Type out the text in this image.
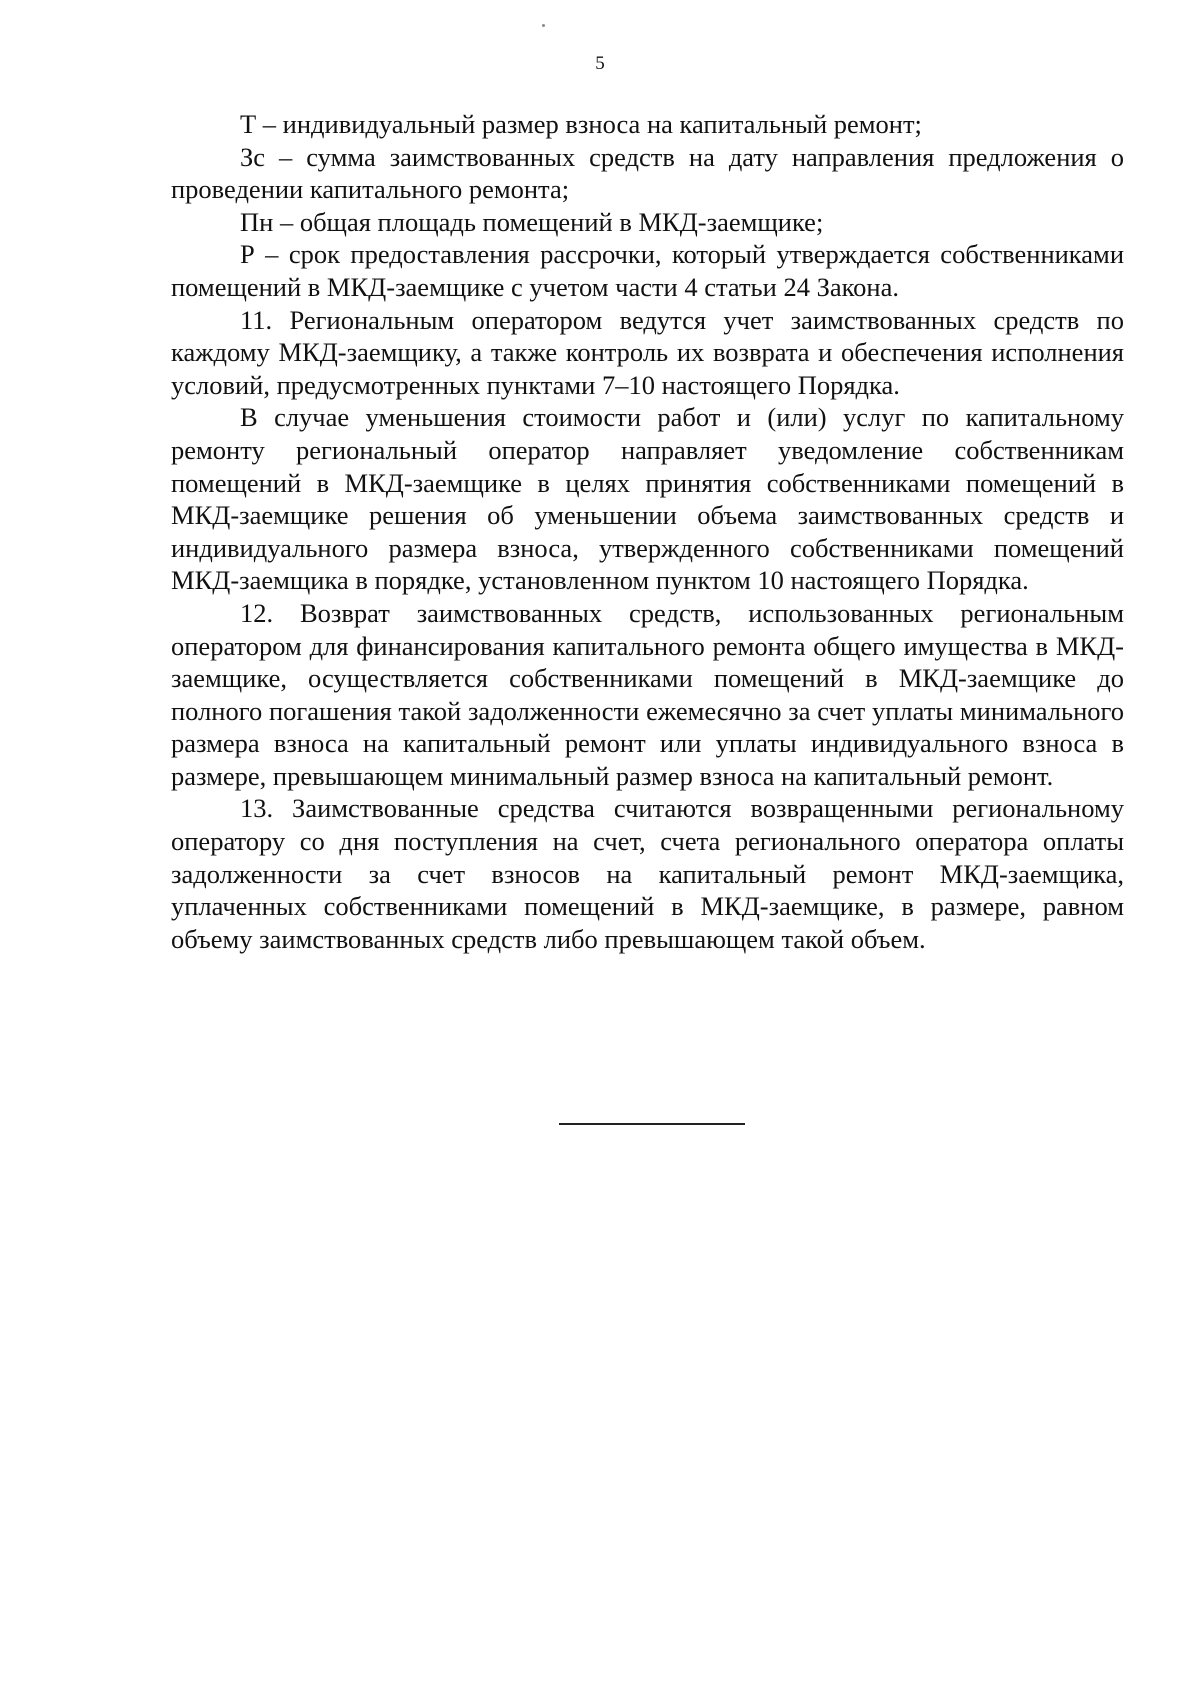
5

Т – индивидуальный размер взноса на капитальный ремонт;

Зс – сумма заимствованных средств на дату направления предложения о проведении капитального ремонта;

Пн – общая площадь помещений в МКД-заемщике;

Р – срок предоставления рассрочки, который утверждается собственниками помещений в МКД-заемщике с учетом части 4 статьи 24 Закона.

11. Региональным оператором ведутся учет заимствованных средств по каждому МКД-заемщику, а также контроль их возврата и обеспечения исполнения условий, предусмотренных пунктами 7–10 настоящего Порядка.

В случае уменьшения стоимости работ и (или) услуг по капитальному ремонту региональный оператор направляет уведомление собственникам помещений в МКД-заемщике в целях принятия собственниками помещений в МКД-заемщике решения об уменьшении объема заимствованных средств и индивидуального размера взноса, утвержденного собственниками помещений МКД-заемщика в порядке, установленном пунктом 10 настоящего Порядка.

12. Возврат заимствованных средств, использованных региональным оператором для финансирования капитального ремонта общего имущества в МКД-заемщике, осуществляется собственниками помещений в МКД-заемщике до полного погашения такой задолженности ежемесячно за счет уплаты минимального размера взноса на капитальный ремонт или уплаты индивидуального взноса в размере, превышающем минимальный размер взноса на капитальный ремонт.

13. Заимствованные средства считаются возвращенными региональному оператору со дня поступления на счет, счета регионального оператора оплаты задолженности за счет взносов на капитальный ремонт МКД-заемщика, уплаченных собственниками помещений в МКД-заемщике, в размере, равном объему заимствованных средств либо превышающем такой объем.
